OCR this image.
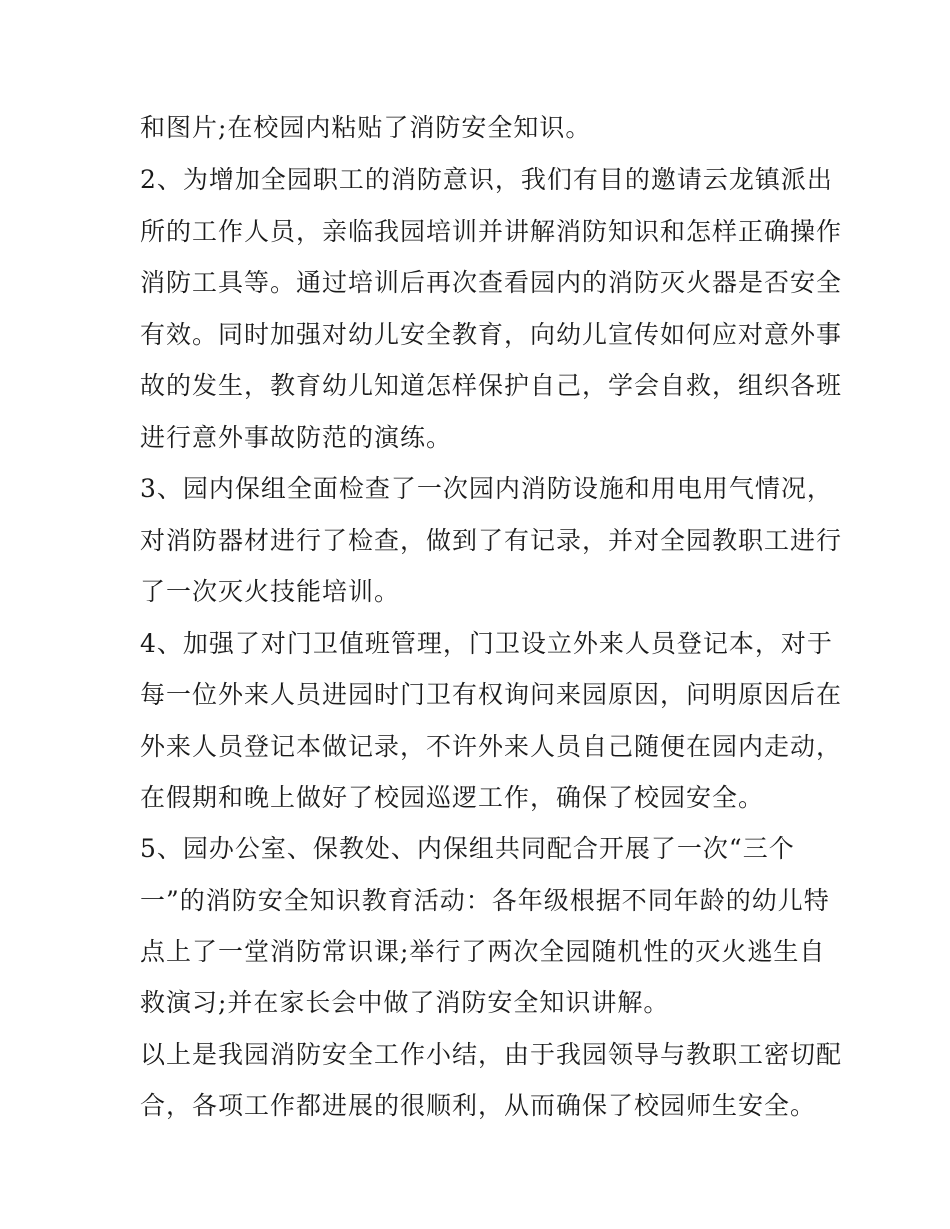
和图片;在校园内粘贴了消防安全知识。
2、为增加全园职工的消防意识，我们有目的邀请云龙镇派出
所的工作人员，亲临我园培训并讲解消防知识和怎样正确操作
消防工具等。通过培训后再次查看园内的消防灭火器是否安全
有效。同时加强对幼儿安全教育，向幼儿宣传如何应对意外事
故的发生，教育幼儿知道怎样保护自己，学会自救，组织各班
进行意外事故防范的演练。
3、园内保组全面检查了一次园内消防设施和用电用气情况，
对消防器材进行了检查，做到了有记录，并对全园教职工进行
了一次灭火技能培训。
4、加强了对门卫值班管理，门卫设立外来人员登记本，对于
每一位外来人员进园时门卫有权询问来园原因，问明原因后在
外来人员登记本做记录，不许外来人员自己随便在园内走动，
在假期和晚上做好了校园巡逻工作，确保了校园安全。
5、园办公室、保教处、内保组共同配合开展了一次“三个
一”的消防安全知识教育活动：各年级根据不同年龄的幼儿特
点上了一堂消防常识课;举行了两次全园随机性的灭火逃生自
救演习;并在家长会中做了消防安全知识讲解。
以上是我园消防安全工作小结，由于我园领导与教职工密切配
合，各项工作都进展的很顺利，从而确保了校园师生安全。
